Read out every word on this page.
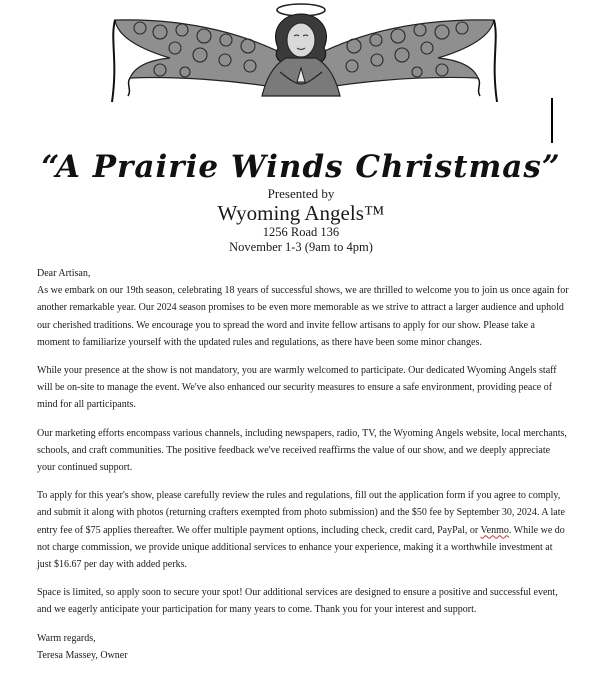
“A Prairie Winds Christmas”

Presented by

Wyoming Angels™

1256 Road 136

November 1-3 (9am to 4pm)

Dear Artisan,

As we embark on our 19th season, celebrating 18 years of successful shows, we are thrilled to welcome you to join us once again for another remarkable year. Our 2024 season promises to be even more memorable as we strive to attract a larger audience and uphold our cherished traditions. We encourage you to spread the word and invite fellow artisans to apply for our show. Please take a moment to familiarize yourself with the updated rules and regulations, as there have been some minor changes.

While your presence at the show is not mandatory, you are warmly welcomed to participate. Our dedicated Wyoming Angels staff will be on-site to manage the event. We've also enhanced our security measures to ensure a safe environment, providing peace of mind for all participants.

Our marketing efforts encompass various channels, including newspapers, radio, TV, the Wyoming Angels website, local merchants, schools, and craft communities. The positive feedback we've received reaffirms the value of our show, and we deeply appreciate your continued support.

To apply for this year's show, please carefully review the rules and regulations, fill out the application form if you agree to comply, and submit it along with photos (returning crafters exempted from photo submission) and the $50 fee by September 30, 2024. A late entry fee of $75 applies thereafter. We offer multiple payment options, including check, credit card, PayPal, or Venmo. While we do not charge commission, we provide unique additional services to enhance your experience, making it a worthwhile investment at just $16.67 per day with added perks.

Space is limited, so apply soon to secure your spot! Our additional services are designed to ensure a positive and successful event, and we eagerly anticipate your participation for many years to come. Thank you for your interest and support.

Warm regards,
Teresa Massey, Owner
